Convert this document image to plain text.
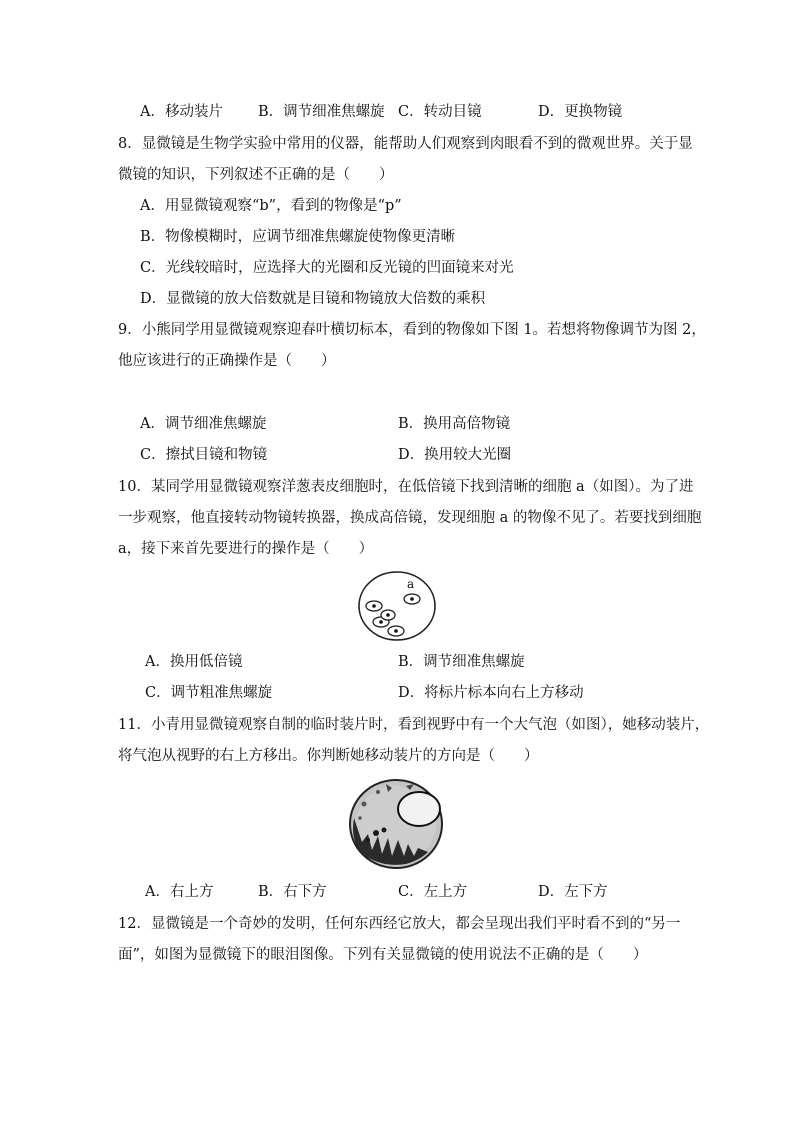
A．移动装片 B．调节细准焦螺旋 C．转动目镜	D．更换物镜
8．显微镜是生物学实验中常用的仪器，能帮助人们观察到肉眼看不到的微观世界。关于显
微镜的知识，下列叙述不正确的是（　　）
A．用显微镜观察“b”，看到的物像是“p”
B．物像模糊时，应调节细准焦螺旋使物像更清晰
C．光线较暗时，应选择大的光圈和反光镜的凹面镜来对光
D．显微镜的放大倍数就是目镜和物镜放大倍数的乘积
9．小熊同学用显微镜观察迎春叶横切标本，看到的物像如下图 1。若想将物像调节为图 2，
他应该进行的正确操作是（　　）
A．调节细准焦螺旋	B．换用高倍物镜
C．擦拭目镜和物镜	D．换用较大光圈
10．某同学用显微镜观察洋葱表皮细胞时，在低倍镜下找到清晰的细胞 a（如图）。为了进
一步观察，他直接转动物镜转换器，换成高倍镜，发现细胞 a 的物像不见了。若要找到细胞
a，接下来首先要进行的操作是（　　）
a
A．换用低倍镜	B．调节细准焦螺旋
C．调节粗准焦螺旋	D．将标片标本向右上方移动
11．小青用显微镜观察自制的临时装片时，看到视野中有一个大气泡（如图），她移动装片，
将气泡从视野的右上方移出。你判断她移动装片的方向是（　　）
A．右上方	B．右下方	C．左上方	D．左下方
12．显微镜是一个奇妙的发明，任何东西经它放大，都会呈现出我们平时看不到的“另一
面”，如图为显微镜下的眼泪图像。下列有关显微镜的使用说法不正确的是（　　）
